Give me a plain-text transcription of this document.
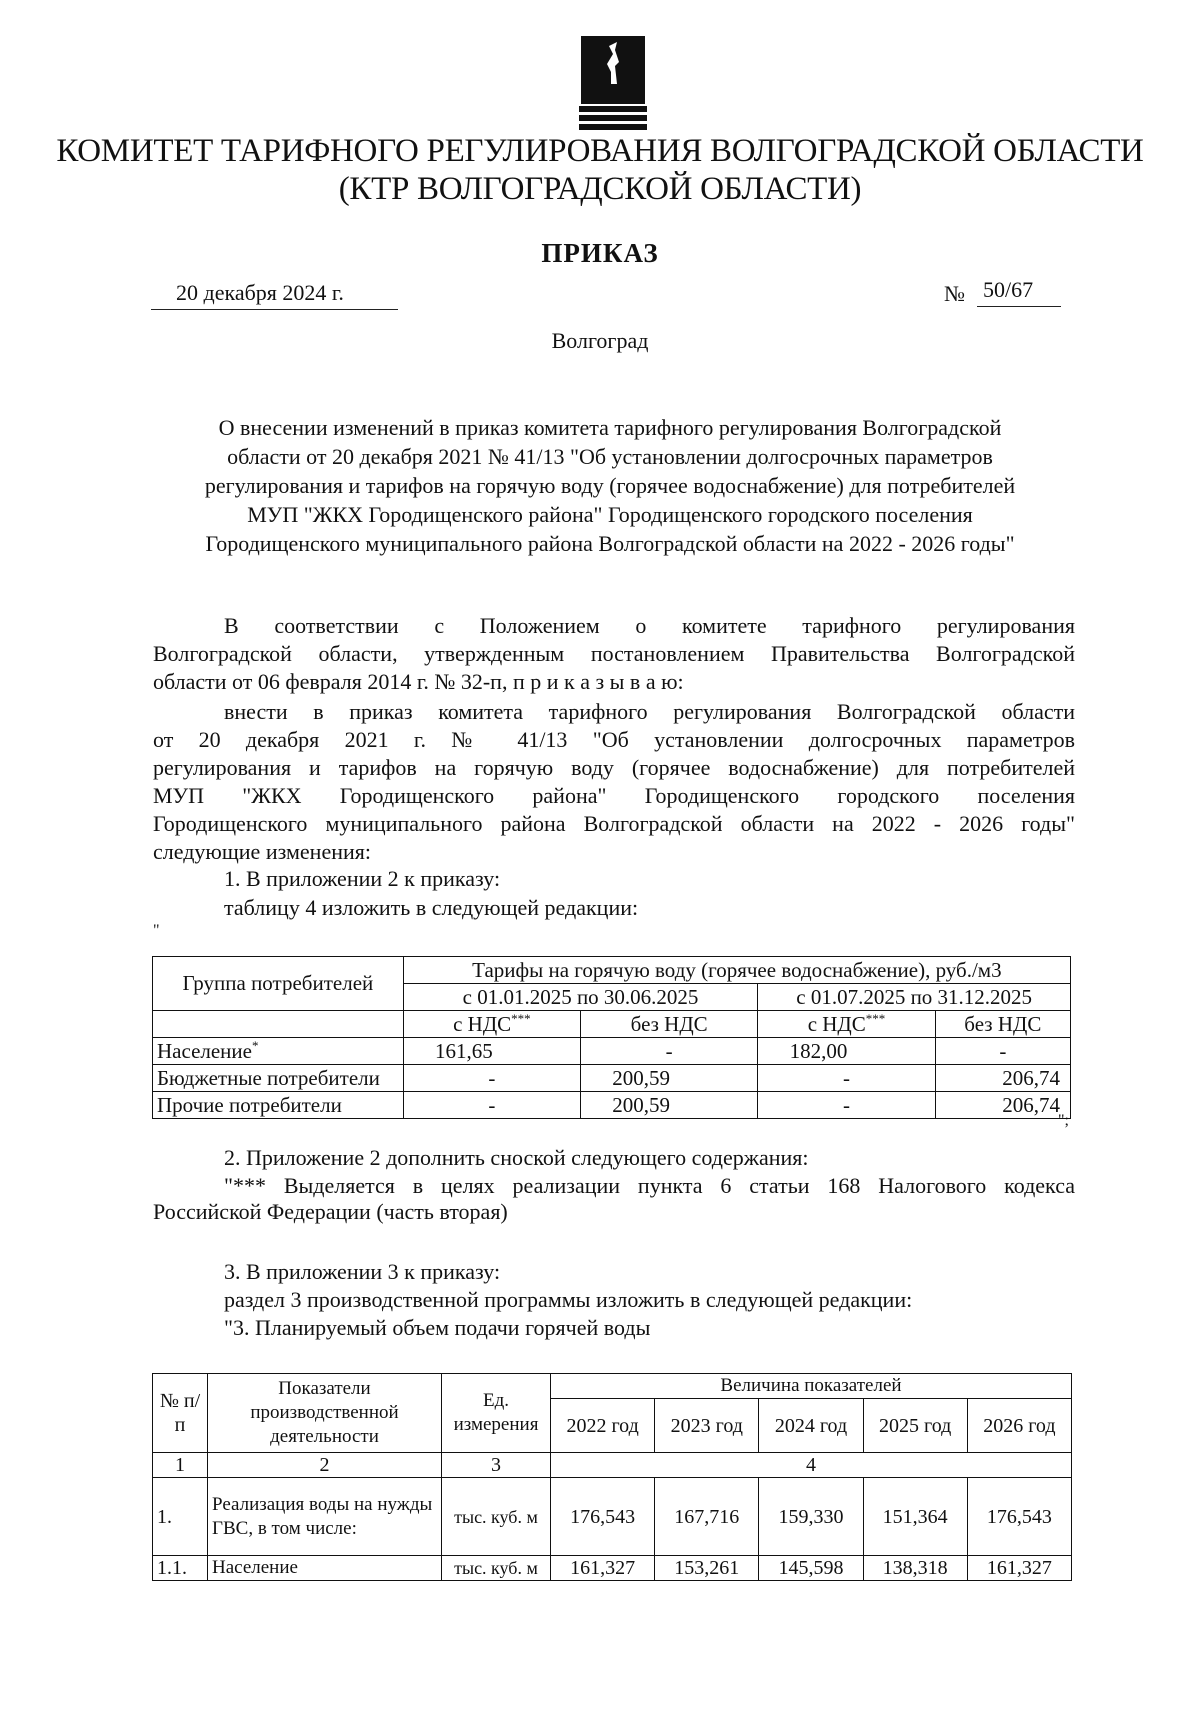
КОМИТЕТ ТАРИФНОГО РЕГУЛИРОВАНИЯ ВОЛГОГРАДСКОЙ ОБЛАСТИ
(КТР ВОЛГОГРАДСКОЙ ОБЛАСТИ)
ПРИКАЗ
20 декабря 2024 г.	№ 50/67
Волгоград
О внесении изменений в приказ комитета тарифного регулирования Волгоградской
области от 20 декабря 2021 № 41/13 "Об установлении долгосрочных параметров
регулирования и тарифов на горячую воду (горячее водоснабжение) для потребителей
МУП "ЖКХ Городищенского района" Городищенского городского поселения
Городищенского муниципального района Волгоградской области на 2022 - 2026 годы"
В соответствии с Положением о комитете тарифного регулирования
Волгоградской области, утвержденным постановлением Правительства Волгоградской
области от 06 февраля 2014 г. № 32-п, п р и к а з ы в а ю:
внести в приказ комитета тарифного регулирования Волгоградской области
от 20 декабря 2021 г. № 41/13 "Об установлении долгосрочных параметров
регулирования и тарифов на горячую воду (горячее водоснабжение) для потребителей
МУП "ЖКХ Городищенского района" Городищенского городского поселения
Городищенского муниципального района Волгоградской области на 2022 - 2026 годы"
следующие изменения:
1. В приложении 2 к приказу:
таблицу 4 изложить в следующей редакции:
"
Группа потребителей	Тарифы на горячую воду (горячее водоснабжение), руб./м3			
	с 01.01.2025 по 30.06.2025		с 01.07.2025 по 31.12.2025	
	с НДС***	без НДС	с НДС***	без НДС
Население*	161,65	-	182,00	-
Бюджетные потребители	-	200,59	-	206,74
Прочие потребители	-	200,59	-	206,74
";
2. Приложение 2 дополнить сноской следующего содержания:
"*** Выделяется в целях реализации пункта 6 статьи 168 Налогового кодекса
Российской Федерации (часть вторая)
3. В приложении 3 к приказу:
раздел 3 производственной программы изложить в следующей редакции:
"3. Планируемый объем подачи горячей воды
№ п/п	Показатели производственной деятельности	Ед. измерения	Величина показателей				
			2022 год	2023 год	2024 год	2025 год	2026 год
1	2	3	4				
1.	Реализация воды на нужды ГВС, в том числе:	тыс. куб. м	176,543	167,716	159,330	151,364	176,543
1.1.	Население	тыс. куб. м	161,327	153,261	145,598	138,318	161,327
